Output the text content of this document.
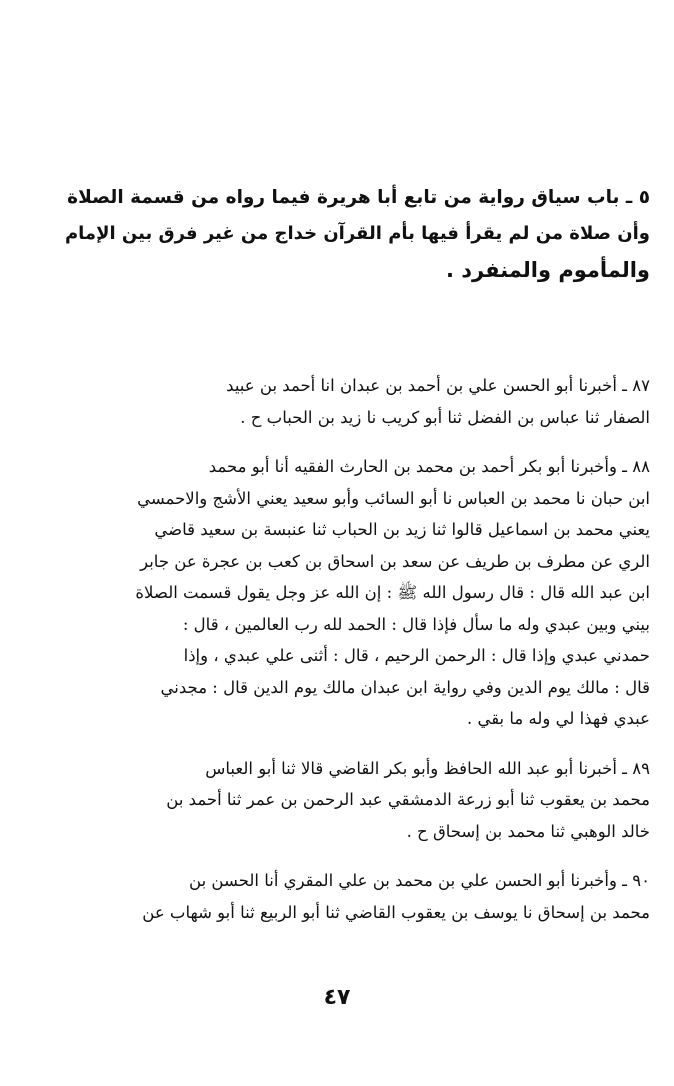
٥ ـ باب سياق رواية من تابع أبا هريرة فيما رواه من قسمة الصلاة
وأن صلاة من لم يقرأ فيها بأم القرآن خداج من غير فرق بين الإمام
والمأموم والمنفرد .
٨٧ ـ أخبرنا أبو الحسن علي بن أحمد بن عبدان انا أحمد بن عبيد
الصفار ثنا عباس بن الفضل ثنا أبو كريب نا زيد بن الحباب ح .
٨٨ ـ وأخبرنا أبو بكر أحمد بن محمد بن الحارث الفقيه أنا أبو محمد
ابن حبان نا محمد بن العباس نا أبو السائب وأبو سعيد يعني الأشج والاحمسي
يعني محمد بن اسماعيل قالوا ثنا زيد بن الحباب ثنا عنبسة بن سعيد قاضي
الري عن مطرف بن طريف عن سعد بن اسحاق بن كعب بن عجرة عن جابر
ابن عبد الله قال : قال رسول الله ﷺ : إن الله عز وجل يقول قسمت الصلاة
بيني وبين عبدي وله ما سأل فإذا قال : الحمد لله رب العالمين ، قال :
حمدني عبدي وإذا قال : الرحمن الرحيم ، قال : أثنى علي عبدي ، وإذا
قال : مالك يوم الدين وفي رواية ابن عبدان مالك يوم الدين قال : مجدني
عبدي فهذا لي وله ما بقي .
٨٩ ـ أخبرنا أبو عبد الله الحافظ وأبو بكر القاضي قالا ثنا أبو العباس
محمد بن يعقوب ثنا أبو زرعة الدمشقي عبد الرحمن بن عمر ثنا أحمد بن
خالد الوهبي ثنا محمد بن إسحاق ح .
٩٠ ـ وأخبرنا أبو الحسن علي بن محمد بن علي المقري أنا الحسن بن
محمد بن إسحاق نا يوسف بن يعقوب القاضي ثنا أبو الربيع ثنا أبو شهاب عن
٤٧
